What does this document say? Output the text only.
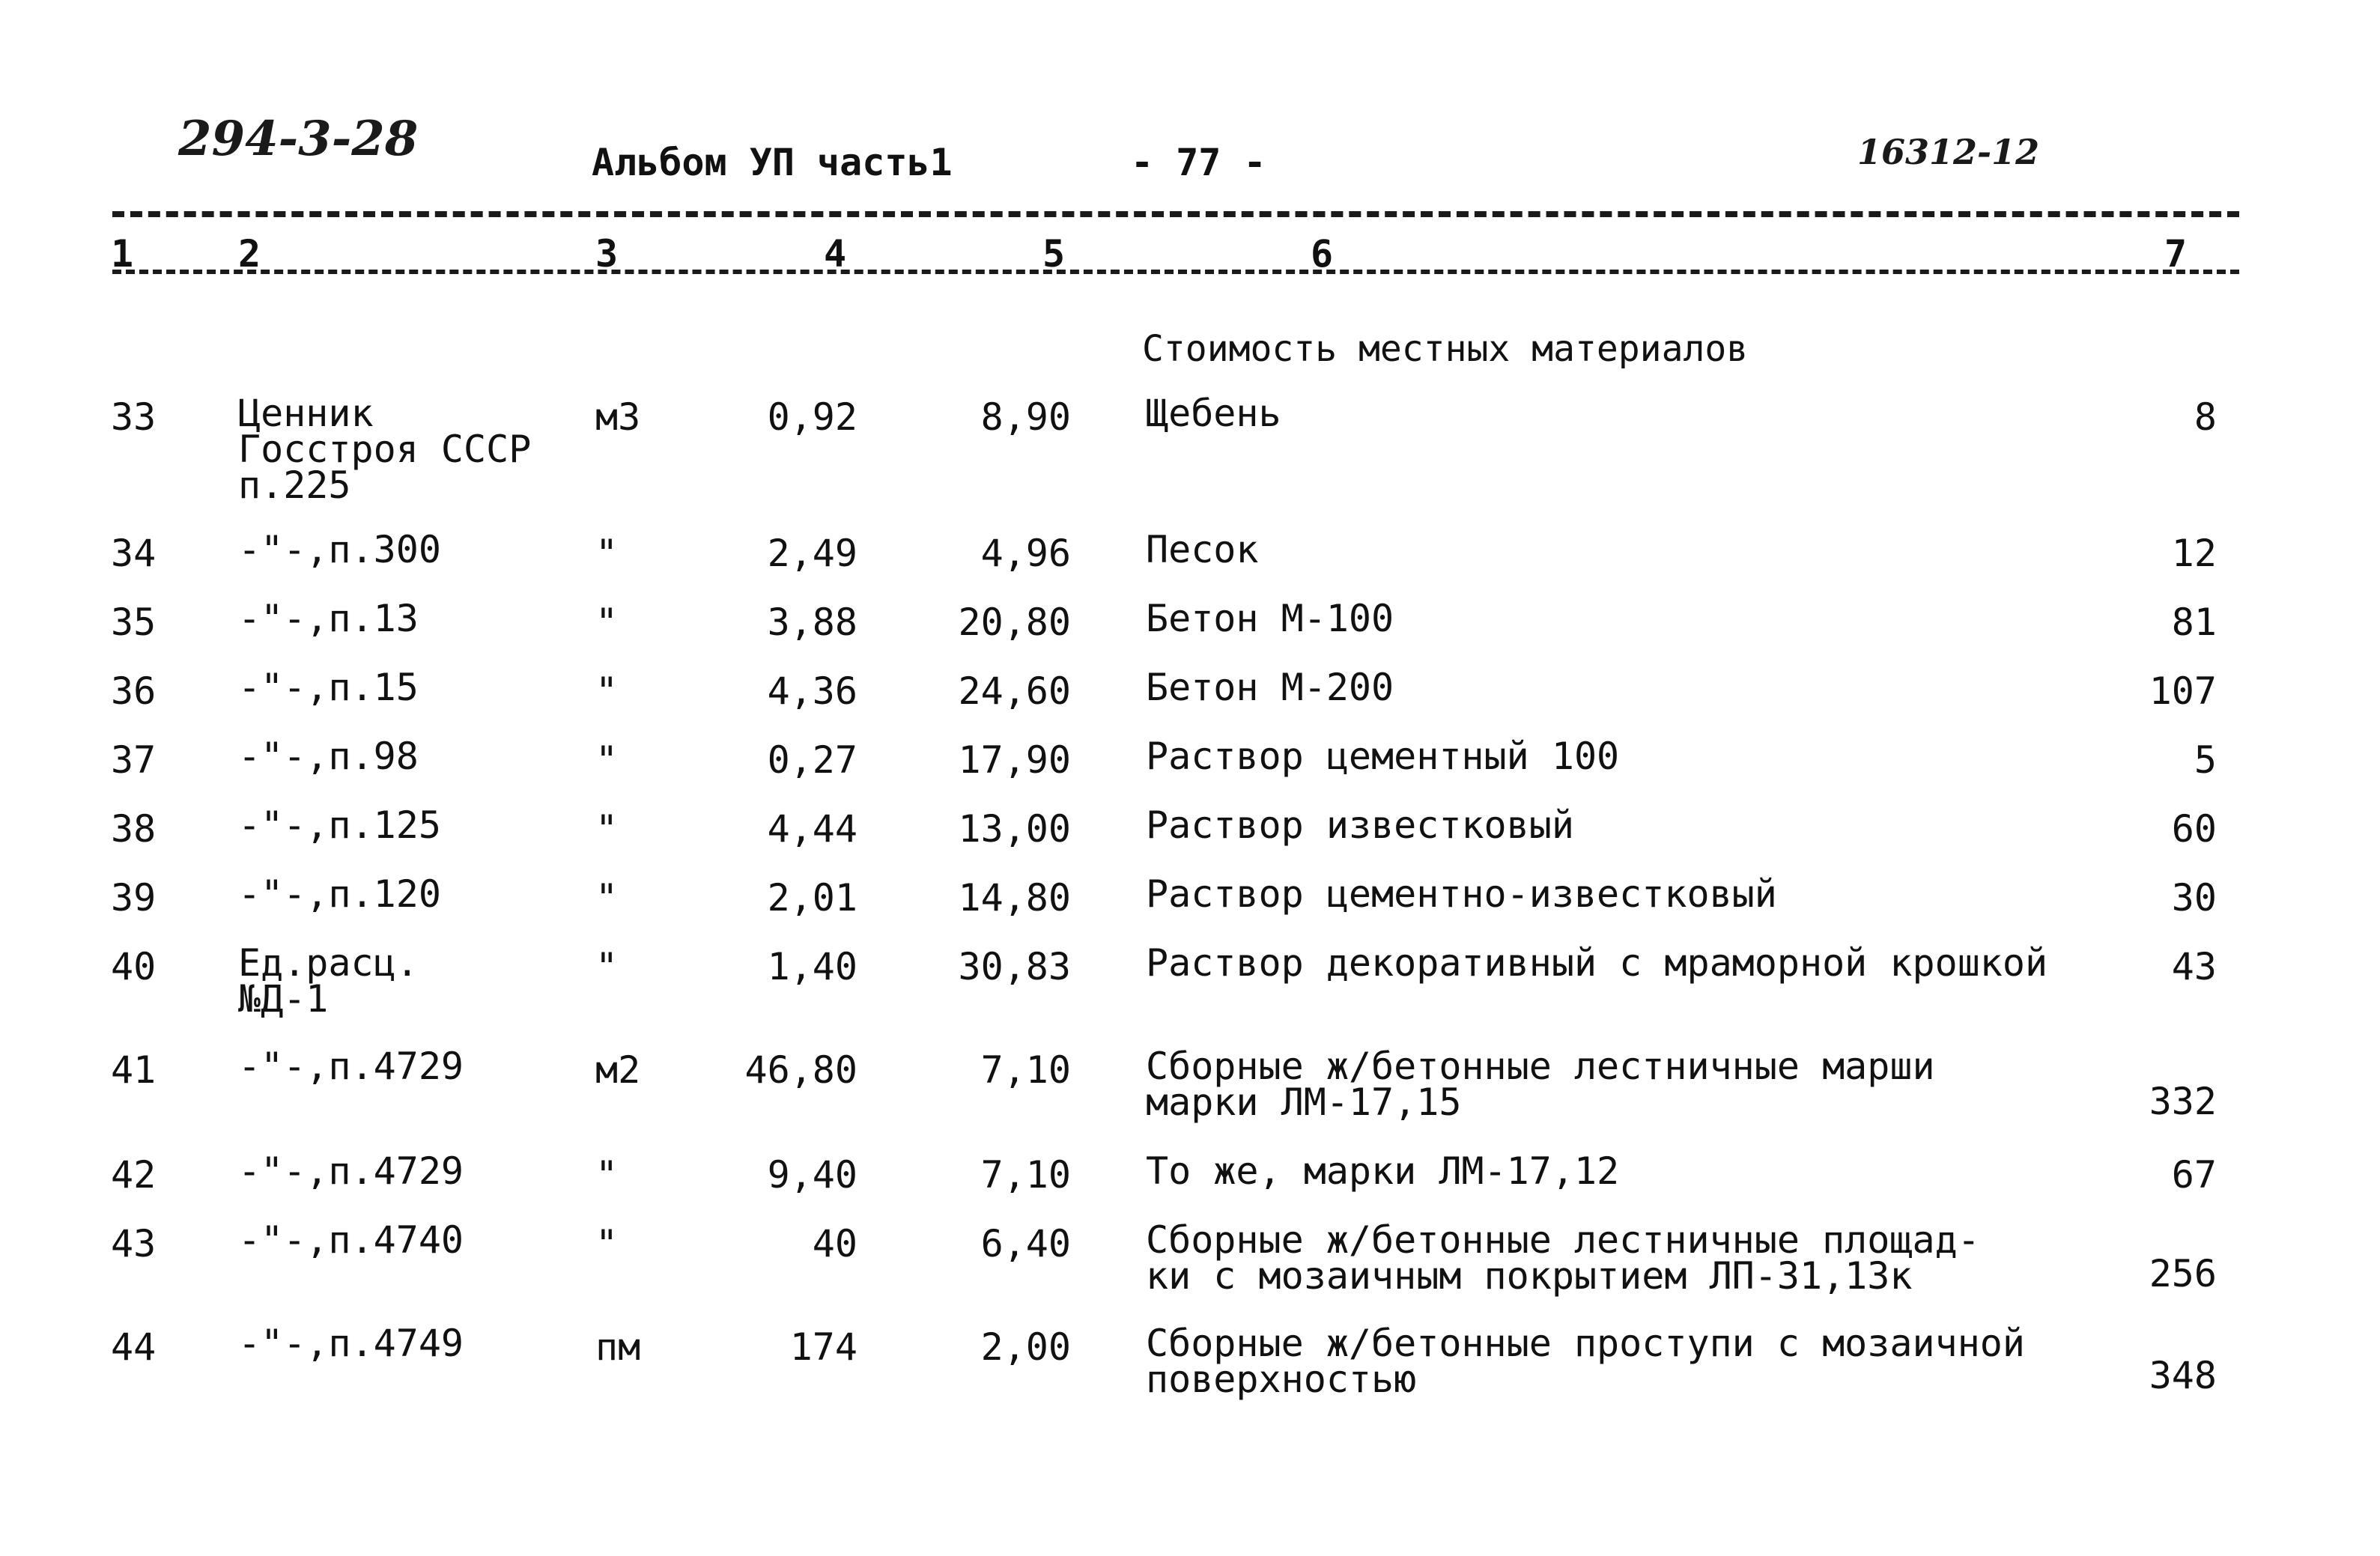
294-3-28	Альбом УП часть1	- 77 -	16312-12
1	2	3	4	5	6	7
Стоимость местных материалов
33 Ценник
Госстроя СССР
п.225
м3	0,92	8,90 Щебень	8
34 -"-,п.300	"	2,49	4,96 Песок	12
35 -"-,п.13	"	3,88	20,80 Бетон М-100	81
36 -"-,п.15	"	4,36	24,60 Бетон М-200	107
37 -"-,п.98	"	0,27	17,90 Раствор цементный 100	5
38 -"-,п.125	"	4,44	13,00 Раствор известковый	60
39 -"-,п.120	"	2,01	14,80 Раствор цементно-известковый	30
40 Ед.расц.
№Д-1
"	1,40	30,83 Раствор декоративный с мраморной крошкой	43
41 -"-,п.4729	м2	46,80	7,10 Сборные ж/бетонные лестничные марши
марки ЛМ-17,15	332
42 -"-,п.4729	"	9,40	7,10 То же, марки ЛМ-17,12	67
43 -"-,п.4740	"	40	6,40 Сборные ж/бетонные лестничные площад-
ки с мозаичным покрытием ЛП-31,13к	256
44 -"-,п.4749	пм	174	2,00 Сборные ж/бетонные проступи с мозаичной
поверхностью	348
